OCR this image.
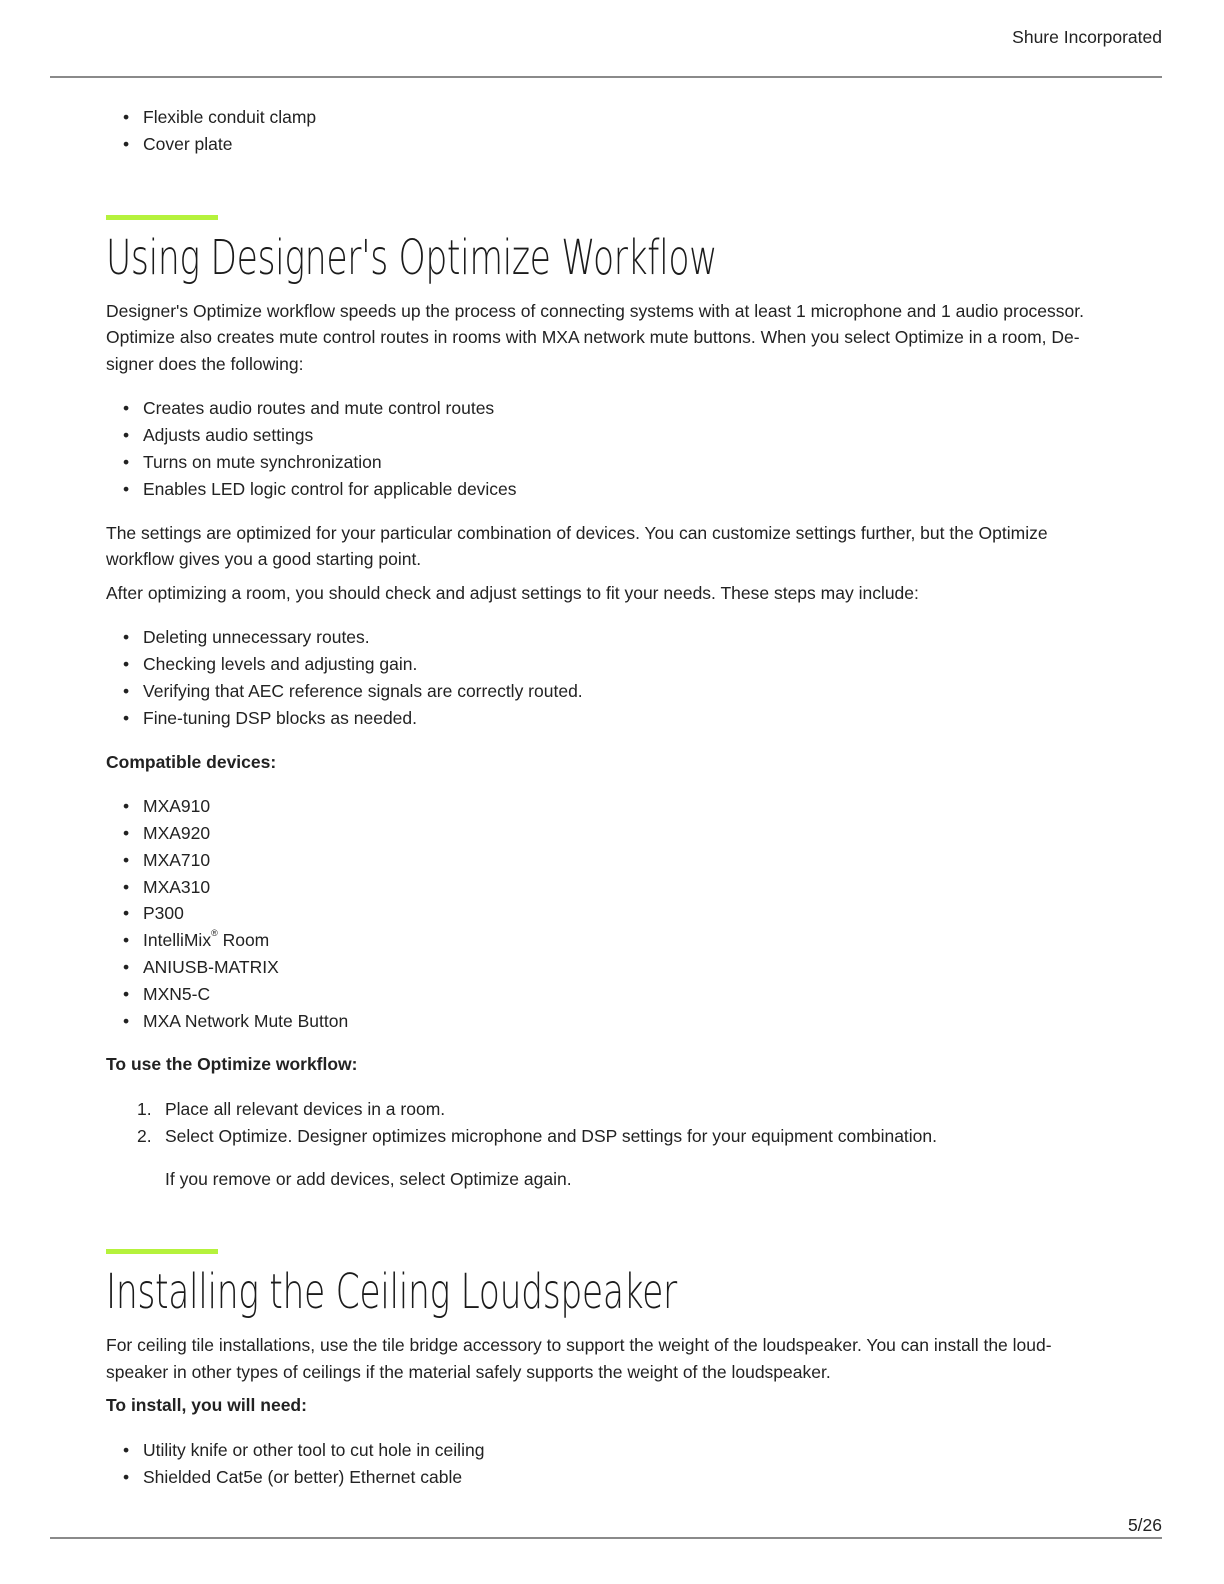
Shure Incorporated
• Flexible conduit clamp
• Cover plate
Using Designer's Optimize Workflow

Designer's Optimize workflow speeds up the process of connecting systems with at least 1 microphone and 1 audio processor. Optimize also creates mute control routes in rooms with MXA network mute buttons. When you select Optimize in a room, Designer does the following:

• Creates audio routes and mute control routes
• Adjusts audio settings
• Turns on mute synchronization
• Enables LED logic control for applicable devices

The settings are optimized for your particular combination of devices. You can customize settings further, but the Optimize workflow gives you a good starting point.

After optimizing a room, you should check and adjust settings to fit your needs. These steps may include:

• Deleting unnecessary routes.
• Checking levels and adjusting gain.
• Verifying that AEC reference signals are correctly routed.
• Fine-tuning DSP blocks as needed.

Compatible devices:

• MXA910
• MXA920
• MXA710
• MXA310
• P300
• IntelliMix® Room
• ANIUSB-MATRIX
• MXN5-C
• MXA Network Mute Button

To use the Optimize workflow:

1. Place all relevant devices in a room.
2. Select Optimize. Designer optimizes microphone and DSP settings for your equipment combination.

If you remove or add devices, select Optimize again.

Installing the Ceiling Loudspeaker

For ceiling tile installations, use the tile bridge accessory to support the weight of the loudspeaker. You can install the loudspeaker in other types of ceilings if the material safely supports the weight of the loudspeaker.

To install, you will need:

• Utility knife or other tool to cut hole in ceiling
• Shielded Cat5e (or better) Ethernet cable
5/26
